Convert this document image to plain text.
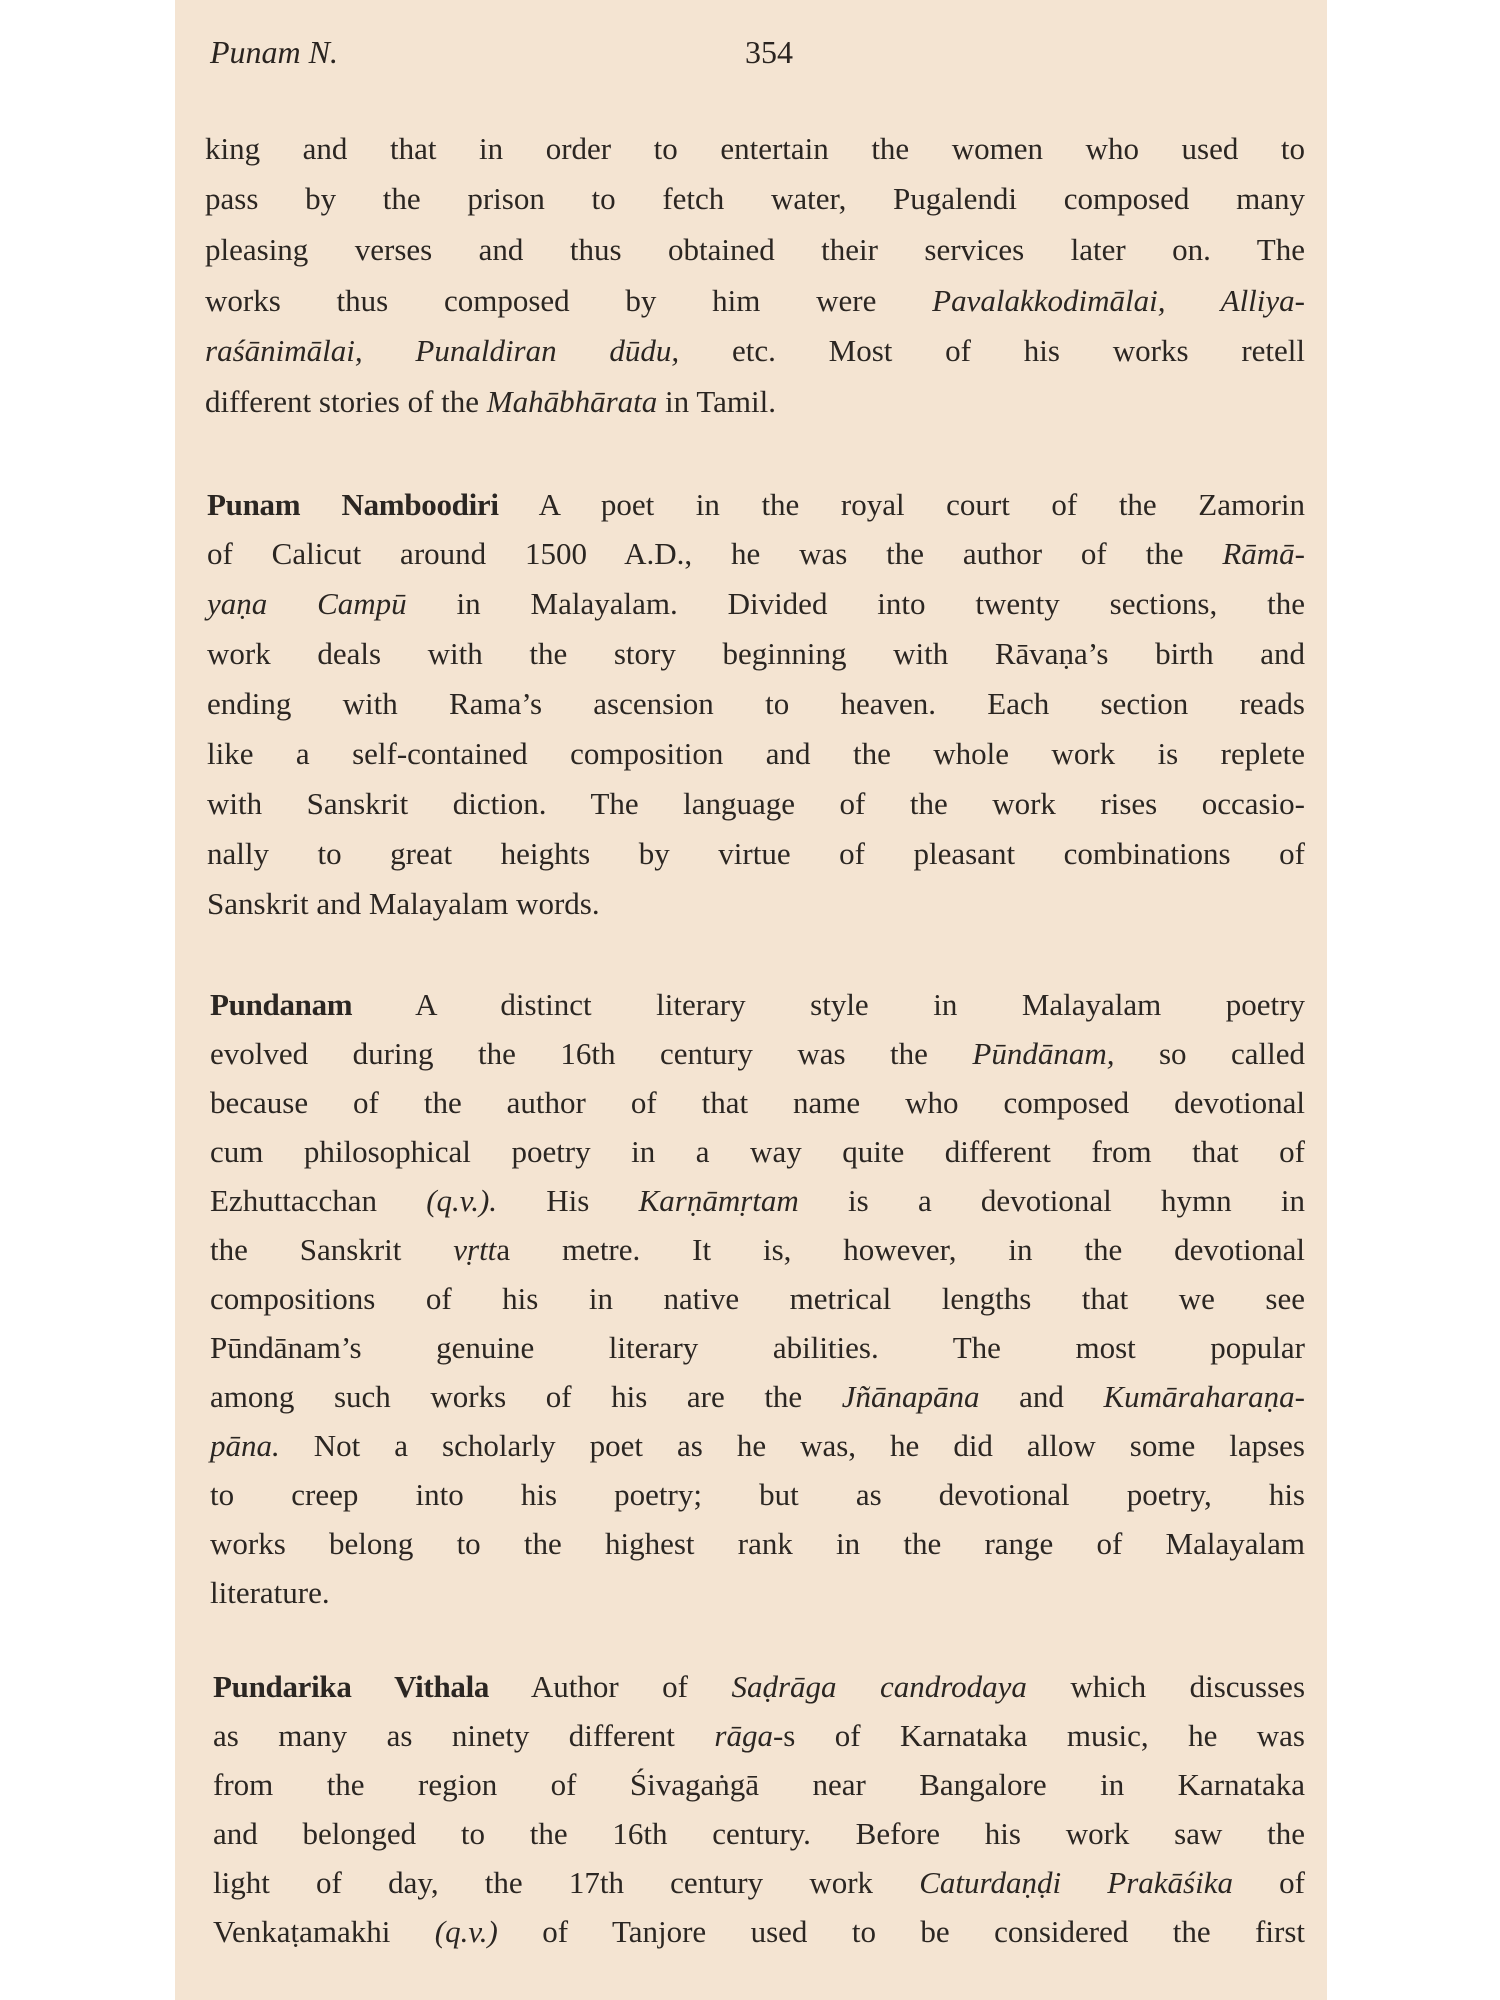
Punam N.	354
king and that in order to entertain the women who used to
pass by the prison to fetch water, Pugalendi composed many
pleasing verses and thus obtained their services later on. The
works thus composed by him were Pavalakkodimālai, Alliya-
raśānimālai, Punaldiran dūdu, etc. Most of his works retell
different stories of the Mahābhārata in Tamil.
Punam Namboodiri A poet in the royal court of the Zamorin
of Calicut around 1500 A.D., he was the author of the Rāmā-
yaṇa Campū in Malayalam. Divided into twenty sections, the
work deals with the story beginning with Rāvaṇa’s birth and
ending with Rama’s ascension to heaven. Each section reads
like a self-contained composition and the whole work is replete
with Sanskrit diction. The language of the work rises occasio-
nally to great heights by virtue of pleasant combinations of
Sanskrit and Malayalam words.
Pundanam A distinct literary style in Malayalam poetry
evolved during the 16th century was the Pūndānam, so called
because of the author of that name who composed devotional
cum philosophical poetry in a way quite different from that of
Ezhuttacchan (q.v.). His Karṇāmṛtam is a devotional hymn in
the Sanskrit vṛtta metre. It is, however, in the devotional
compositions of his in native metrical lengths that we see
Pūndānam’s genuine literary abilities. The most popular
among such works of his are the Jñānapāna and Kumāraharaṇa-
pāna. Not a scholarly poet as he was, he did allow some lapses
to creep into his poetry; but as devotional poetry, his
works belong to the highest rank in the range of Malayalam
literature.
Pundarika Vithala Author of Saḍrāga candrodaya which discusses
as many as ninety different rāga-s of Karnataka music, he was
from the region of Śivagaṅgā near Bangalore in Karnataka
and belonged to the 16th century. Before his work saw the
light of day, the 17th century work Caturdaṇḍi Prakāśika of
Venkaṭamakhi (q.v.) of Tanjore used to be considered the first
